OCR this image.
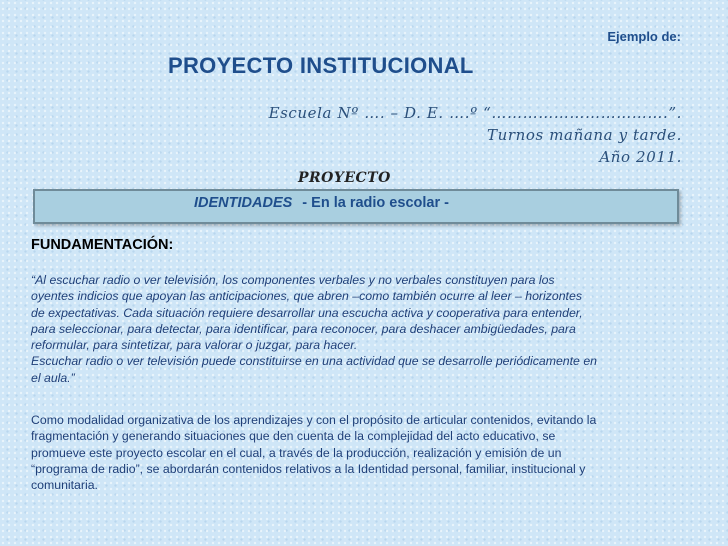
Ejemplo de:
PROYECTO INSTITUCIONAL
Escuela Nº …. – D. E. ….º “…………………………….”.
Turnos mañana y tarde.
Año 2011.
PROYECTO
IDENTIDADES - En la radio escolar -
FUNDAMENTACIÓN:

“Al escuchar radio o ver televisión, los componentes verbales y no verbales constituyen para los
oyentes indicios que apoyan las anticipaciones, que abren –como también ocurre al leer – horizontes
de expectativas. Cada situación requiere desarrollar una escucha activa y cooperativa para entender,
para seleccionar, para detectar, para identificar, para reconocer, para deshacer ambigüedades, para
reformular, para sintetizar, para valorar o juzgar, para hacer.
Escuchar radio o ver televisión puede constituirse en una actividad que se desarrolle periódicamente en
el aula.”

Como modalidad organizativa de los aprendizajes y con el propósito de articular contenidos, evitando la
fragmentación y generando situaciones que den cuenta de la complejidad del acto educativo, se
promueve este proyecto escolar en el cual, a través de la producción, realización y emisión de un
“programa de radio”, se abordarán contenidos relativos a la Identidad personal, familiar, institucional y
comunitaria.
